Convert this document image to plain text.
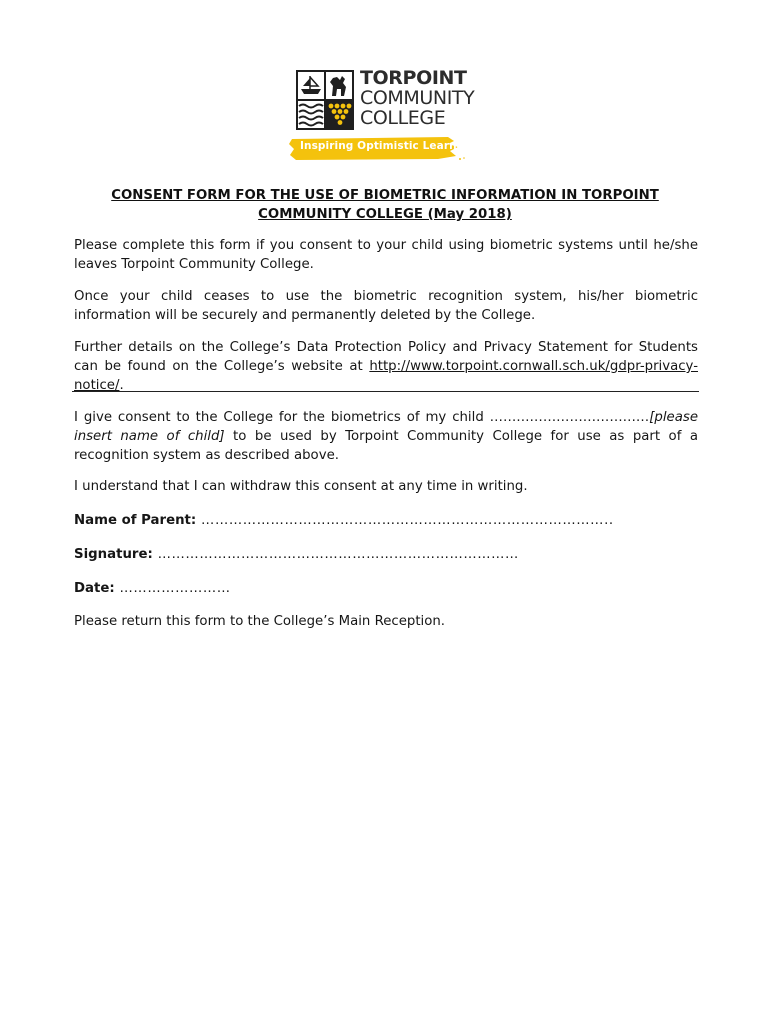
TORPOINT
COMMUNITY
COLLEGE
Inspiring Optimistic Learners
CONSENT FORM FOR THE USE OF BIOMETRIC INFORMATION IN TORPOINT
COMMUNITY COLLEGE (May 2018)
Please complete this form if you consent to your child using biometric systems until he/she leaves Torpoint Community College.
Once your child ceases to use the biometric recognition system, his/her biometric information will be securely and permanently deleted by the College.
Further details on the College’s Data Protection Policy and Privacy Statement for Students can be found on the College’s website at http://www.torpoint.cornwall.sch.uk/gdpr-privacy-notice/.
I give consent to the College for the biometrics of my child ………………………………[please insert name of child] to be used by Torpoint Community College for use as part of a recognition system as described above.
I understand that I can withdraw this consent at any time in writing.
Name of Parent: ……………………………………………………………………………..
Signature: ……………………………………………………………………
Date: ……………………
Please return this form to the College’s Main Reception.
